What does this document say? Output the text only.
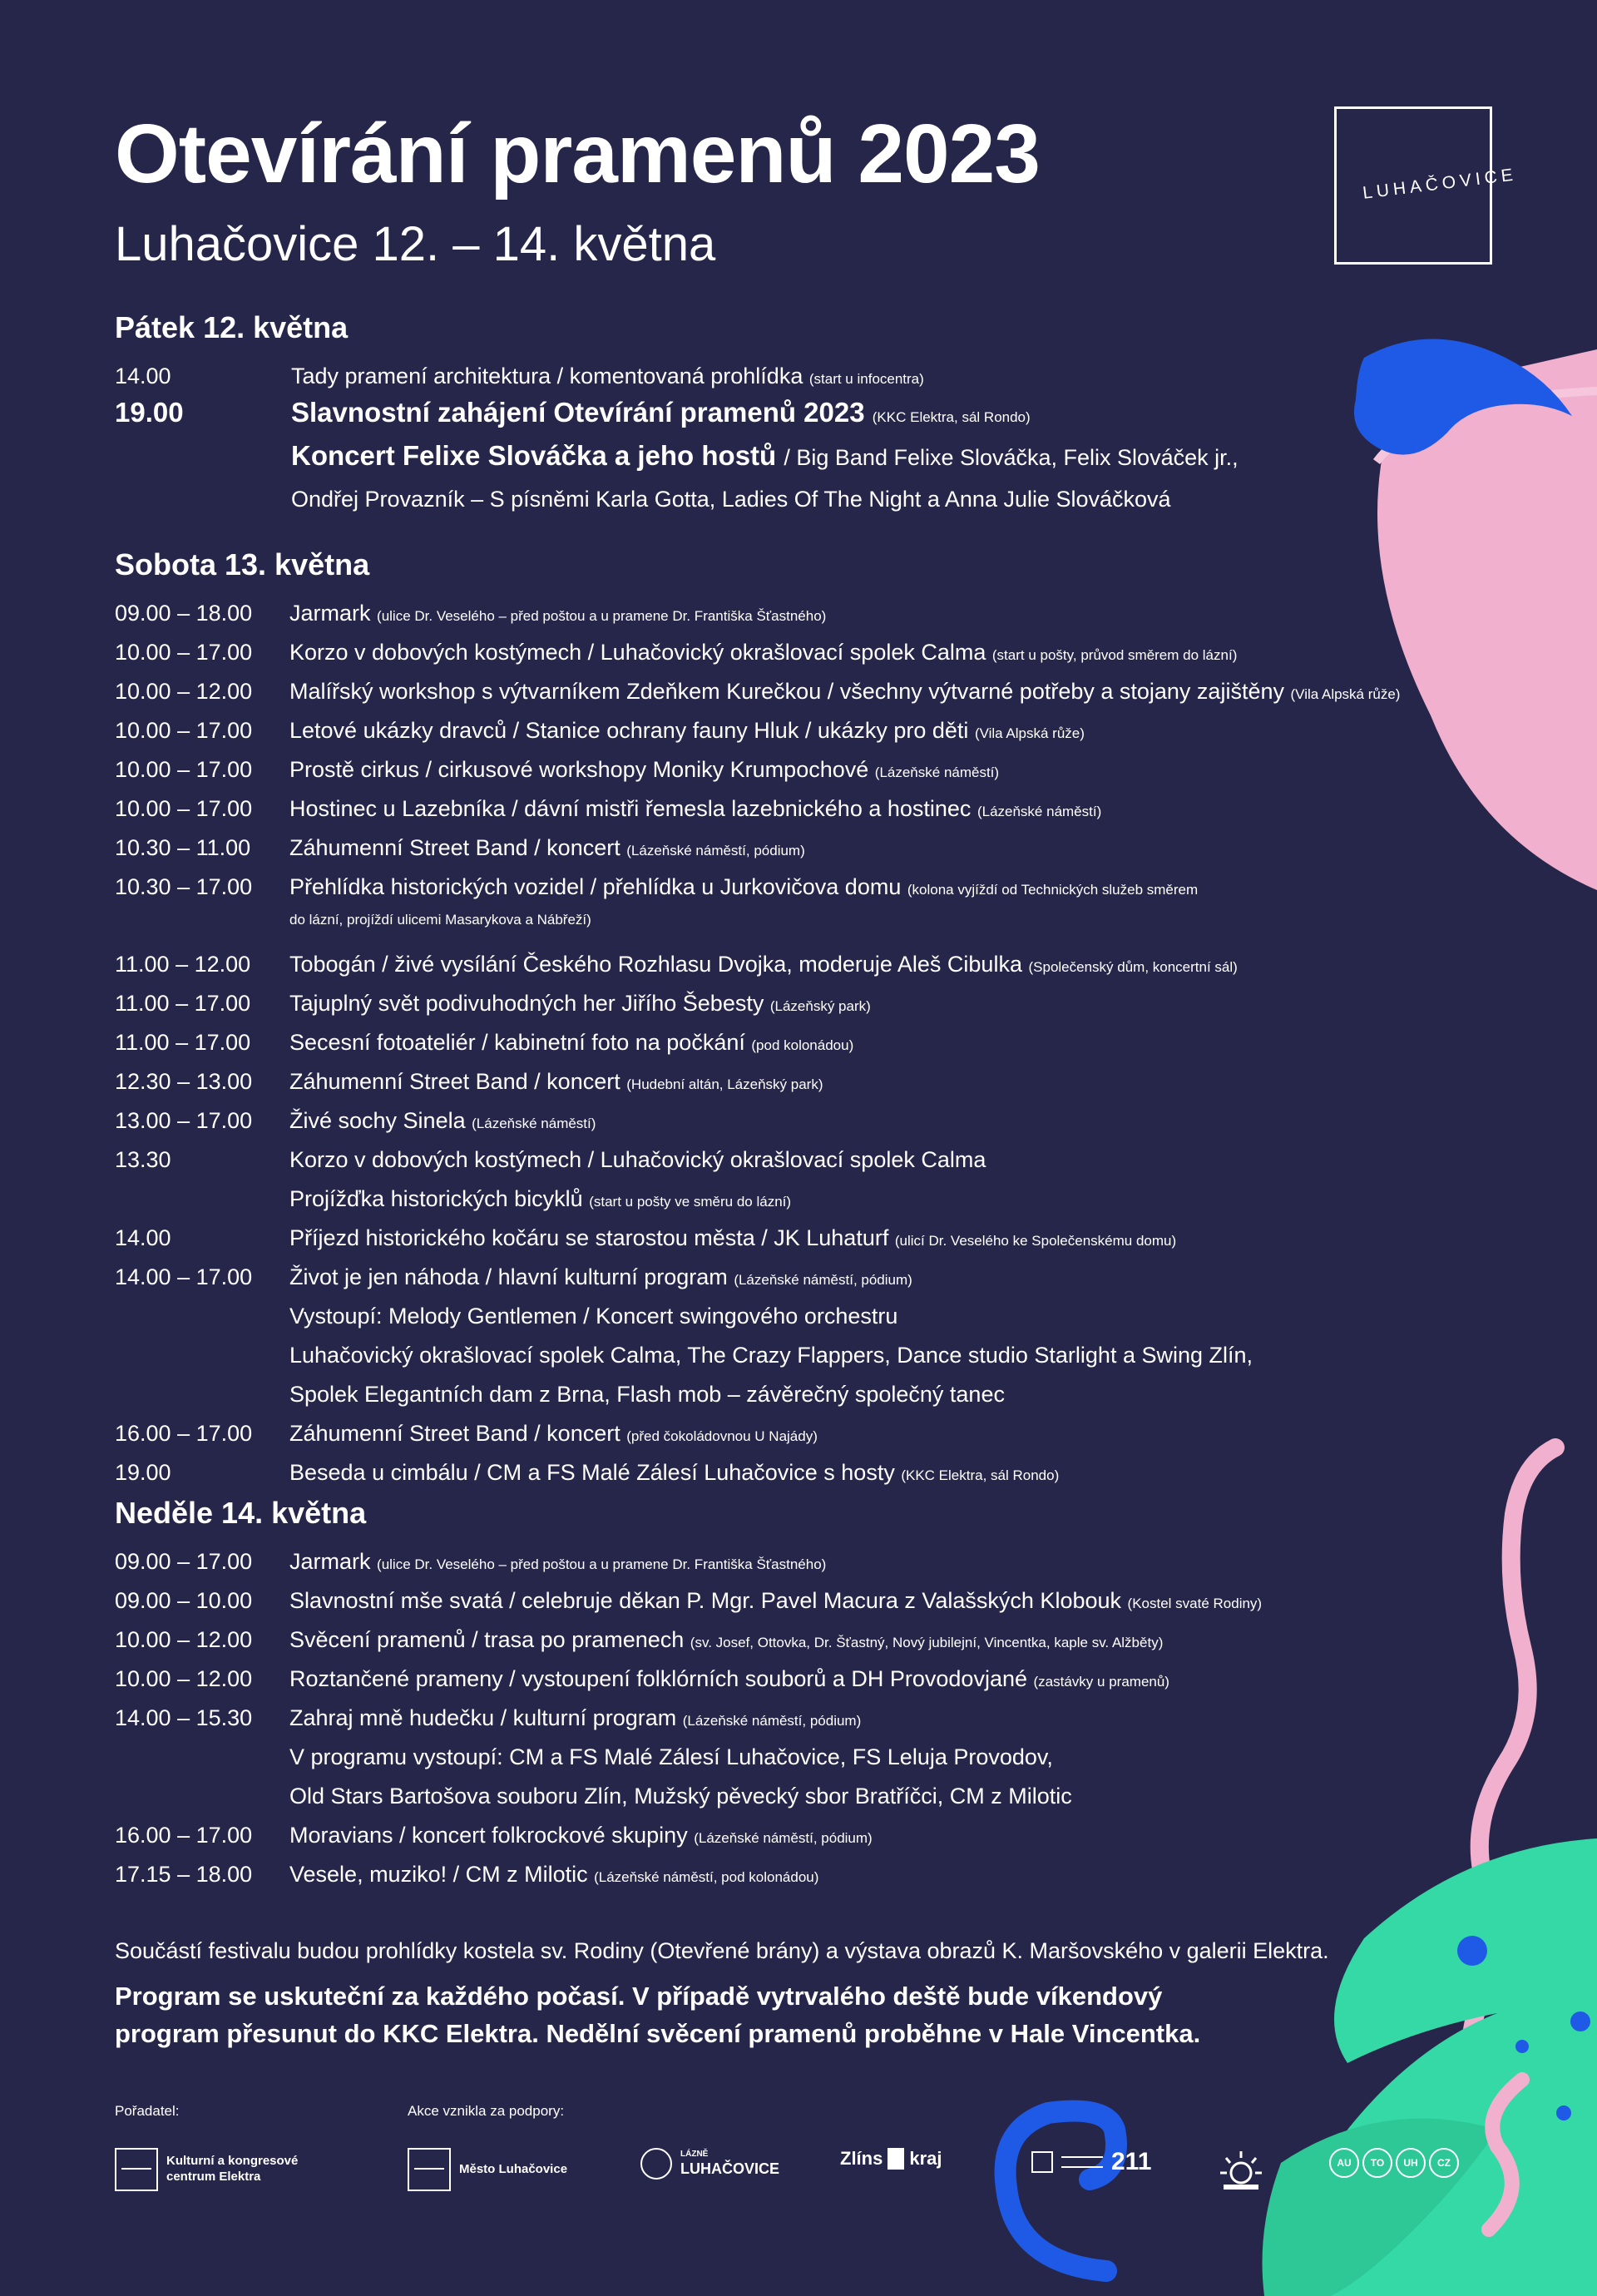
Otevírání pramenů 2023

Luhačovice 12. – 14. května

LUHAČOVICE
Pátek 12. května
14.00	Tady pramení architektura / komentovaná prohlídka (start u infocentra)
19.00	Slavnostní zahájení Otevírání pramenů 2023 (KKC Elektra, sál Rondo)
Koncert Felixe Slováčka a jeho hostů / Big Band Felixe Slováčka, Felix Slováček jr.,
Ondřej Provazník – S písněmi Karla Gotta, Ladies Of The Night a Anna Julie Slováčková
Sobota 13. května
09.00 – 18.00 Jarmark (ulice Dr. Veselého – před poštou a u pramene Dr. Františka Šťastného)
10.00 – 17.00 Korzo v dobových kostýmech / Luhačovický okrašlovací spolek Calma (start u pošty, průvod směrem do lázní)
10.00 – 12.00 Malířský workshop s výtvarníkem Zdeňkem Kurečkou / všechny výtvarné potřeby a stojany zajištěny (Vila Alpská růže)
10.00 – 17.00 Letové ukázky dravců / Stanice ochrany fauny Hluk / ukázky pro děti (Vila Alpská růže)
10.00 – 17.00 Prostě cirkus / cirkusové workshopy Moniky Krumpochové (Lázeňské náměstí)
10.00 – 17.00 Hostinec u Lazebníka / dávní mistři řemesla lazebnického a hostinec (Lázeňské náměstí)
10.30 – 11.00 Záhumenní Street Band / koncert (Lázeňské náměstí, pódium)
10.30 – 17.00 Přehlídka historických vozidel / přehlídka u Jurkovičova domu (kolona vyjíždí od Technických služeb směrem
do lázní, projíždí ulicemi Masarykova a Nábřeží)
11.00 – 12.00 Tobogán / živé vysílání Českého Rozhlasu Dvojka, moderuje Aleš Cibulka (Společenský dům, koncertní sál)
11.00 – 17.00 Tajuplný svět podivuhodných her Jiřího Šebesty (Lázeňský park)
11.00 – 17.00 Secesní fotoateliér / kabinetní foto na počkání (pod kolonádou)
12.30 – 13.00 Záhumenní Street Band / koncert (Hudební altán, Lázeňský park)
13.00 – 17.00 Živé sochy Sinela (Lázeňské náměstí)
13.30	Korzo v dobových kostýmech / Luhačovický okrašlovací spolek Calma
Projížďka historických bicyklů (start u pošty ve směru do lázní)
14.00	Příjezd historického kočáru se starostou města / JK Luhaturf (ulicí Dr. Veselého ke Společenskému domu)
14.00 – 17.00 Život je jen náhoda / hlavní kulturní program (Lázeňské náměstí, pódium)
Vystoupí: Melody Gentlemen / Koncert swingového orchestru
Luhačovický okrašlovací spolek Calma, The Crazy Flappers, Dance studio Starlight a Swing Zlín,
Spolek Elegantních dam z Brna, Flash mob – závěrečný společný tanec
16.00 – 17.00 Záhumenní Street Band / koncert (před čokoládovnou U Najády)
19.00	Beseda u cimbálu / CM a FS Malé Zálesí Luhačovice s hosty (KKC Elektra, sál Rondo)
Neděle 14. května
09.00 – 17.00 Jarmark (ulice Dr. Veselého – před poštou a u pramene Dr. Františka Šťastného)
09.00 – 10.00 Slavnostní mše svatá / celebruje děkan P. Mgr. Pavel Macura z Valašských Klobouk (Kostel svaté Rodiny)
10.00 – 12.00 Svěcení pramenů / trasa po pramenech (sv. Josef, Ottovka, Dr. Šťastný, Nový jubilejní, Vincentka, kaple sv. Alžběty)
10.00 – 12.00 Roztančené prameny / vystoupení folklórních souborů a DH Provodovjané (zastávky u pramenů)
14.00 – 15.30 Zahraj mně hudečku / kulturní program (Lázeňské náměstí, pódium)
V programu vystoupí: CM a FS Malé Zálesí Luhačovice, FS Leluja Provodov,
Old Stars Bartošova souboru Zlín, Mužský pěvecký sbor Bratříčci, CM z Milotic
16.00 – 17.00 Moravians / koncert folkrockové skupiny (Lázeňské náměstí, pódium)
17.15 – 18.00 Vesele, muziko! / CM z Milotic (Lázeňské náměstí, pod kolonádou)
Součástí festivalu budou prohlídky kostela sv. Rodiny (Otevřené brány) a výstava obrazů K. Maršovského v galerii Elektra.

Program se uskuteční za každého počasí. V případě vytrvalého deště bude víkendový
program přesunut do KKC Elektra. Nedělní svěcení pramenů proběhne v Hale Vincentka.

Pořadatel:	Akce vznikla za podpory:
Kulturní a kongresové
centrum Elektra
Město Luhačovice
LÁZNĚ
LUHAČOVICE	Zlíns kraj	211	AU	TO	UH	CZ
